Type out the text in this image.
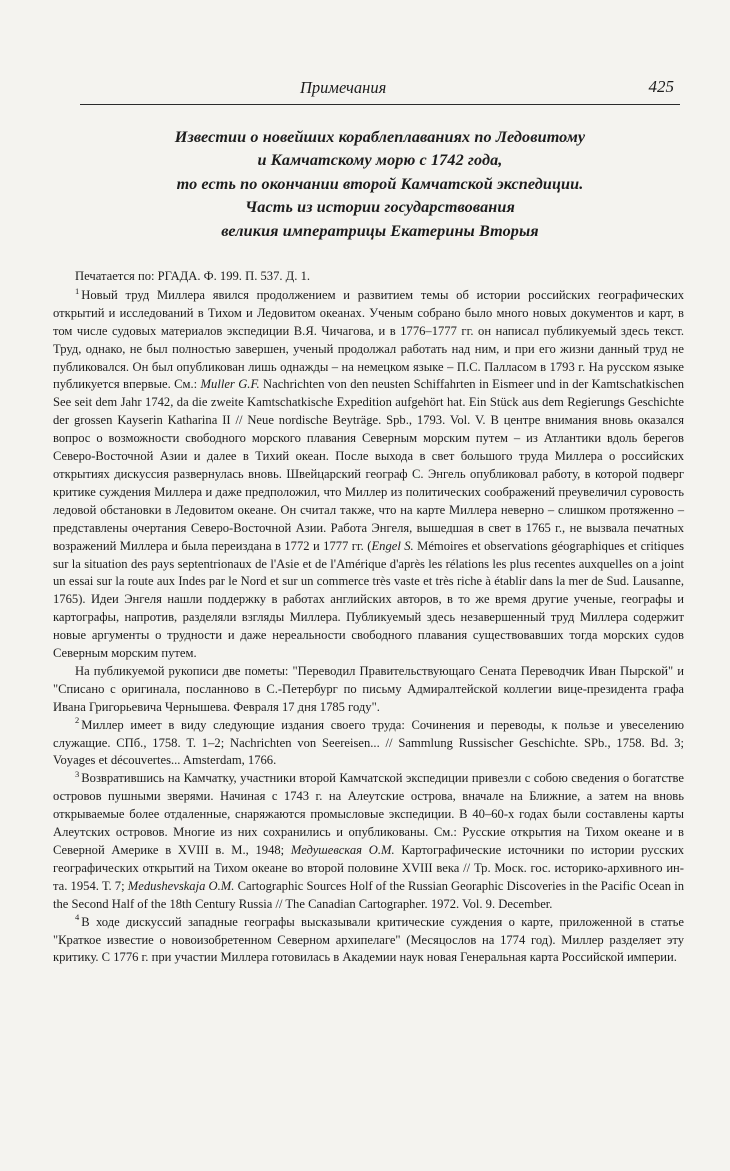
Примечания	425
Известии о новейших кораблеплаваниях по Ледовитому
и Камчатскому морю с 1742 года,
то есть по окончании второй Камчатской экспедиции.
Часть из истории государствования
великия императрицы Екатерины Вторыя

Печатается по: РГАДА. Ф. 199. П. 537. Д. 1.

$^1$ Новый труд Миллера явился продолжением и развитием темы об истории российских географических открытий и исследований в Тихом и Ледовитом океанах. Ученым собрано было много новых документов и карт, в том числе судовых материалов экспедиции В.Я. Чичагова, и в 1776–1777 гг. он написал публикуемый здесь текст. Труд, однако, не был полностью завершен, ученый продолжал работать над ним, и при его жизни данный труд не публиковался. Он был опубликован лишь однажды – на немецком языке – П.С. Палласом в 1793 г. На русском языке публикуется впервые. См.: Muller G.F. Nachrichten von den neusten Schiffahrten in Eismeer und in der Kamtschatkischen See seit dem Jahr 1742, da die zweite Kamtschatkische Expedition aufgehört hat. Ein Stück aus dem Regierungs Geschichte der grossen Kayserin Katharina II // Neue nordische Beyträge. Spb., 1793. Vol. V. В центре внимания вновь оказался вопрос о возможности свободного морского плавания Северным морским путем – из Атлантики вдоль берегов Северо-Восточной Азии и далее в Тихий океан. После выхода в свет большого труда Миллера о российских открытиях дискуссия развернулась вновь. Швейцарский географ С. Энгель опубликовал работу, в которой подверг критике суждения Миллера и даже предположил, что Миллер из политических соображений преувеличил суровость ледовой обстановки в Ледовитом океане. Он считал также, что на карте Миллера неверно – слишком протяженно – представлены очертания Северо-Восточной Азии. Работа Энгеля, вышедшая в свет в 1765 г., не вызвала печатных возражений Миллера и была переиздана в 1772 и 1777 гг. (Engel S. Mémoires et observations géographiques et critiques sur la situation des pays septentrionaux de l'Asie et de l'Amérique d'après les rélations les plus recentes auxquelles on a joint un essai sur la route aux Indes par le Nord et sur un commerce très vaste et très riche à établir dans la mer de Sud. Lausanne, 1765). Идеи Энгеля нашли поддержку в работах английских авторов, в то же время другие ученые, географы и картографы, напротив, разделяли взгляды Миллера. Публикуемый здесь незавершенный труд Миллера содержит новые аргументы о трудности и даже нереальности свободного плавания существовавших тогда морских судов Северным морским путем.

На публикуемой рукописи две пометы: "Переводил Правительствующаго Сената Переводчик Иван Пырской" и "Списано с оригинала, посланново в С.-Петербург по письму Адмиралтейской коллегии вице-президента графа Ивана Григорьевича Чернышева. Февраля 17 дня 1785 году".

$^2$ Миллер имеет в виду следующие издания своего труда: Сочинения и переводы, к пользе и увеселению служащие. СПб., 1758. Т. 1–2; Nachrichten von Seereisen... // Sammlung Russischer Geschichte. SPb., 1758. Bd. 3; Voyages et découvertes... Amsterdam, 1766.

$^3$ Возвратившись на Камчатку, участники второй Камчатской экспедиции привезли с собою сведения о богатстве островов пушными зверями. Начиная с 1743 г. на Алеутские острова, вначале на Ближние, а затем на вновь открываемые более отдаленные, снаряжаются промысловые экспедиции. В 40–60-х годах были составлены карты Алеутских островов. Многие из них сохранились и опубликованы. См.: Русские открытия на Тихом океане и в Северной Америке в XVIII в. М., 1948; Медушевская О.М. Картографические источники по истории русских географических открытий на Тихом океане во второй половине XVIII века // Тр. Моск. гос. историко-архивного ин-та. 1954. Т. 7; Medushevskaja O.M. Cartographic Sources Holf of the Russian Georaphic Discoveries in the Pacific Ocean in the Second Half of the 18th Century Russia // The Canadian Cartographer. 1972. Vol. 9. December.

$^4$ В ходе дискуссий западные географы высказывали критические суждения о карте, приложенной в статье "Краткое известие о новоизобретенном Северном архипелаге" (Месяцослов на 1774 год). Миллер разделяет эту критику. С 1776 г. при участии Миллера готовилась в Академии наук новая Генеральная карта Российской империи.
